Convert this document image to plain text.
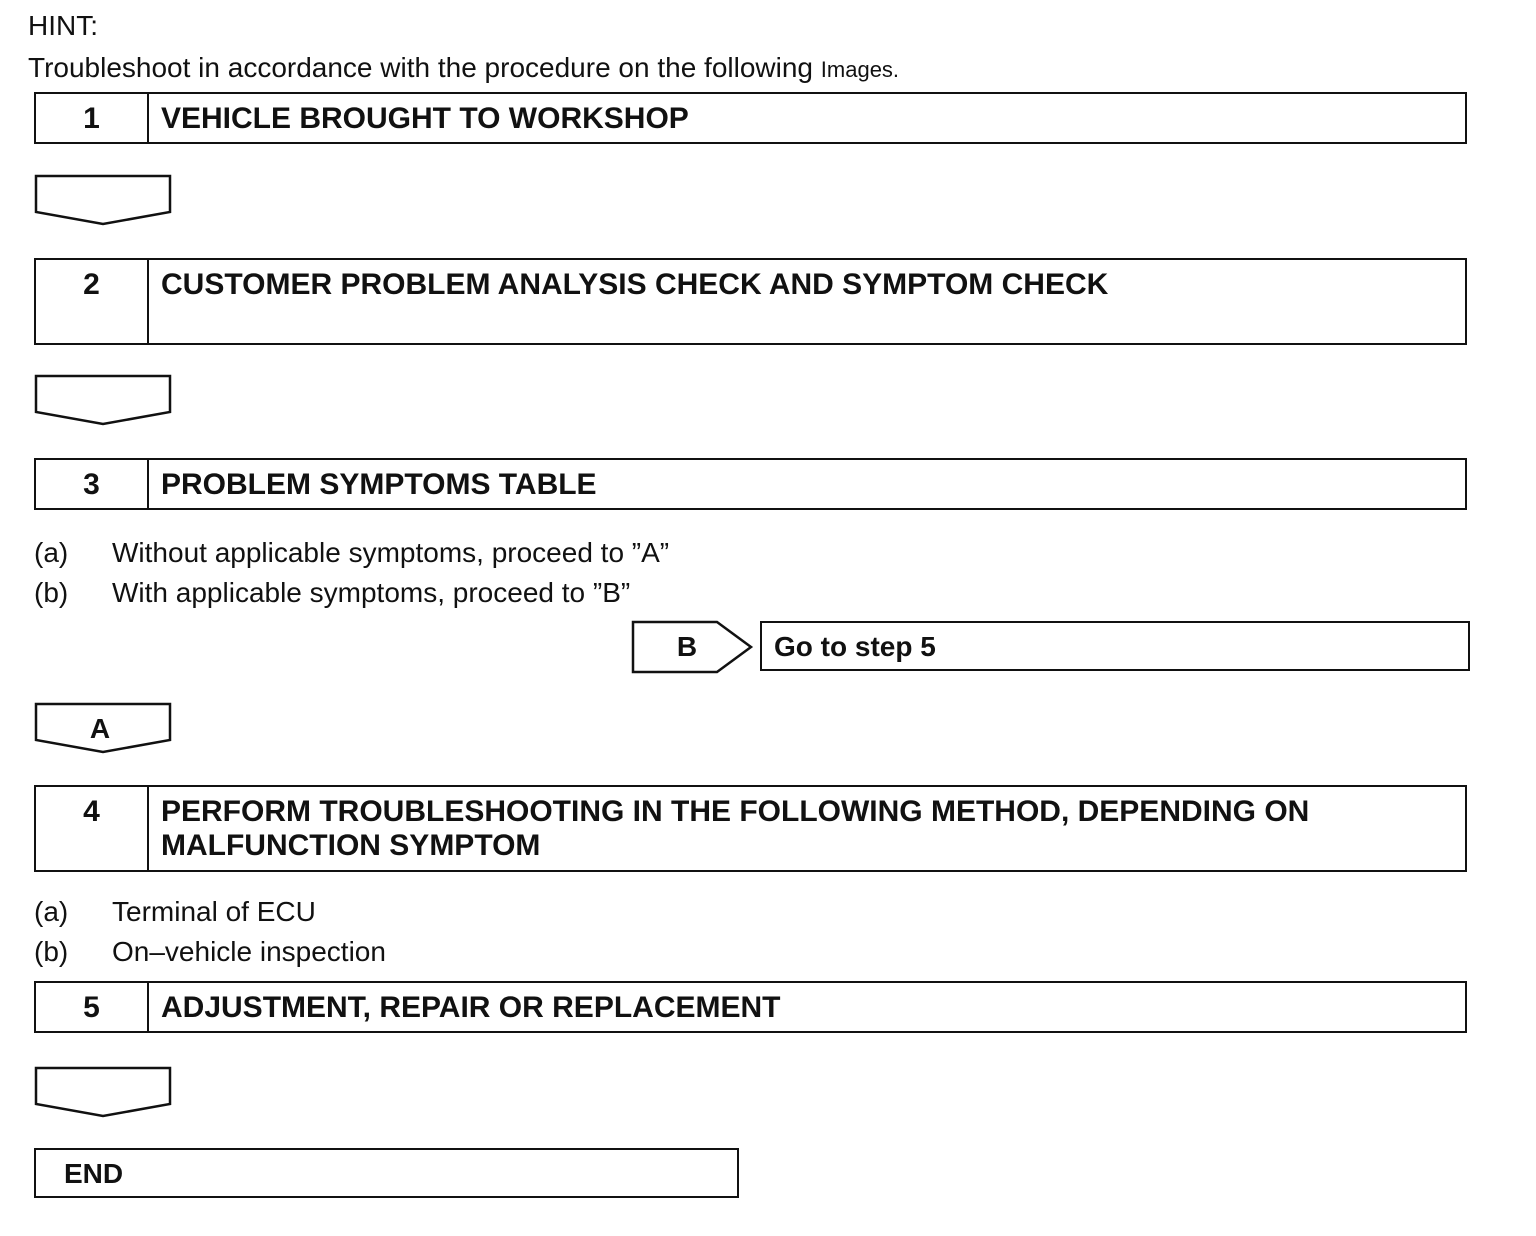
HINT:
Troubleshoot in accordance with the procedure on the following Images.
1	VEHICLE BROUGHT TO WORKSHOP
2	CUSTOMER PROBLEM ANALYSIS CHECK AND SYMPTOM CHECK
3	PROBLEM SYMPTOMS TABLE
(a) Without applicable symptoms, proceed to ”A”
(b) With applicable symptoms, proceed to ”B”
B	Go to step 5
A
4	PERFORM TROUBLESHOOTING IN THE FOLLOWING METHOD, DEPENDING ON MALFUNCTION SYMPTOM
(a) Terminal of ECU
(b) On–vehicle inspection
5	ADJUSTMENT, REPAIR OR REPLACEMENT
END
